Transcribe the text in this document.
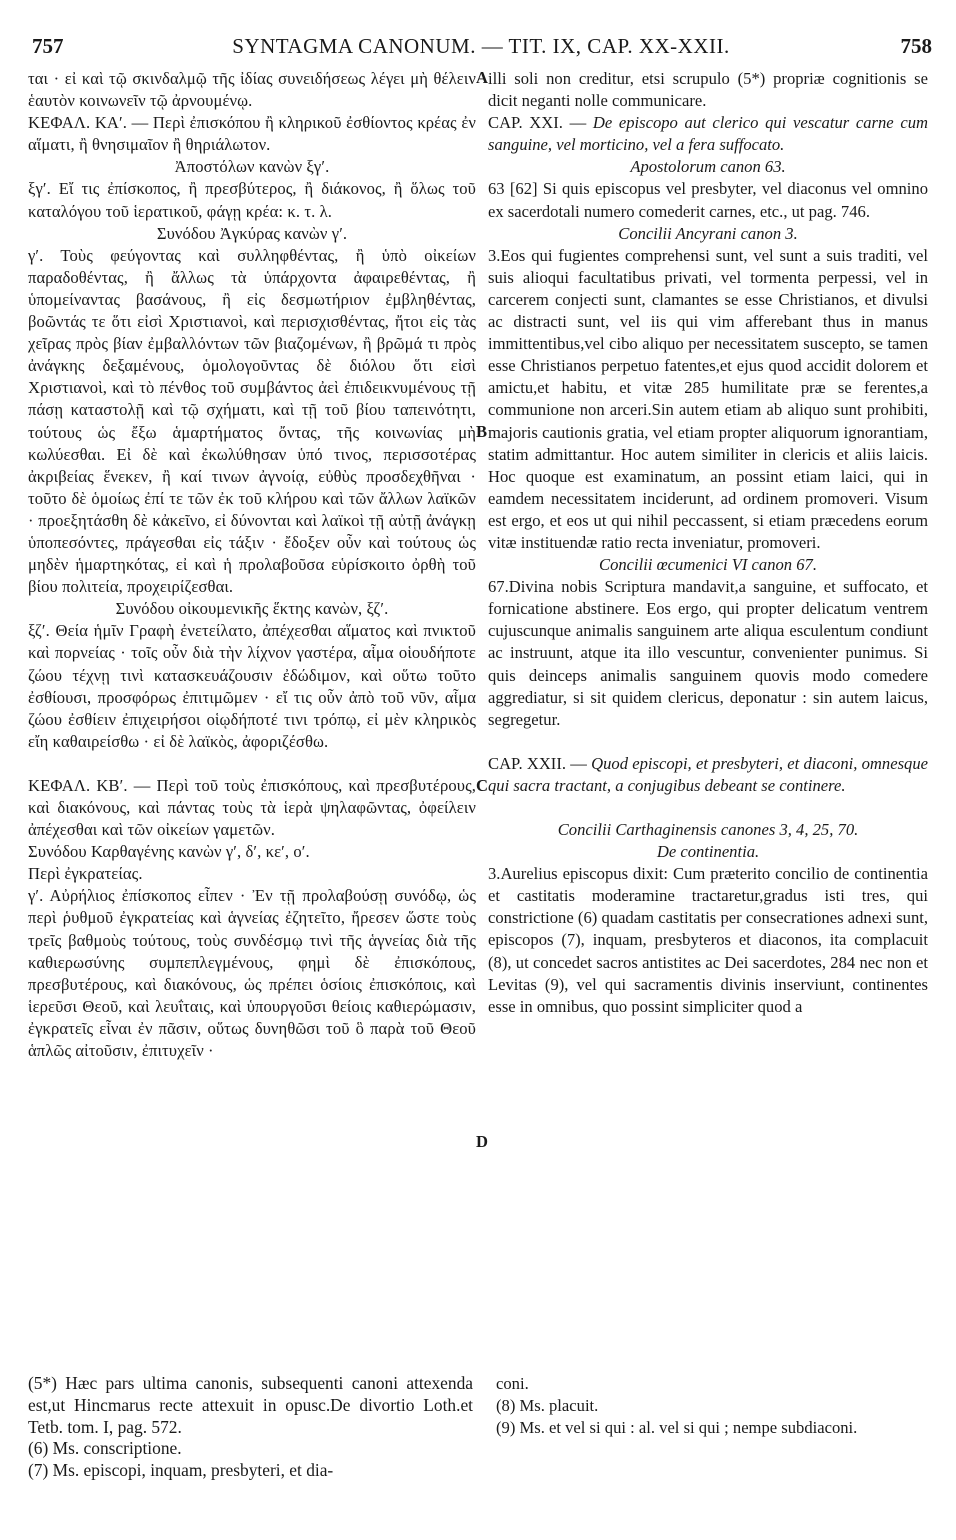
757	SYNTAGMA CANONUM. — TIT. IX, CAP. XX-XXII.	758
A
B
C
D
ται · εἰ καὶ τῷ σκινδαλμῷ τῆς ἰδίας συνειδήσεως λέγει μὴ θέλειν ἑαυτὸν κοινωνεῖν τῷ ἀρνουμένῳ.
ΚΕΦΑΛ. ΚΑʹ. — Περὶ ἐπισκόπου ἢ κληρικοῦ ἐσθίοντος κρέας ἐν αἵματι, ἢ θνησιμαῖον ἢ θηριάλωτον.
Ἀποστόλων κανὼν ξγʹ.
ξγʹ. Εἴ τις ἐπίσκοπος, ἢ πρεσβύτερος, ἢ διάκονος, ἢ ὅλως τοῦ καταλόγου τοῦ ἱερατικοῦ, φάγῃ κρέα: κ. τ. λ.
Συνόδου Ἀγκύρας κανὼν γʹ.
γʹ. Τοὺς φεύγοντας καὶ συλληφθέντας, ἢ ὑπὸ οἰκείων παραδοθέντας, ἢ ἄλλως τὰ ὑπάρχοντα ἀφαιρεθέντας, ἢ ὑπομείναντας βασάνους, ἢ εἰς δεσμωτήριον ἐμβληθέντας, βοῶντάς τε ὅτι εἰσὶ Χριστιανοὶ, καὶ περισχισθέντας, ἤτοι εἰς τὰς χεῖρας πρὸς βίαν ἐμβαλλόντων τῶν βιαζομένων, ἢ βρῶμά τι πρὸς ἀνάγκης δεξαμένους, ὁμολογοῦντας δὲ διόλου ὅτι εἰσὶ Χριστιανοὶ, καὶ τὸ πένθος τοῦ συμβάντος ἀεὶ ἐπιδεικνυμένους τῇ πάσῃ καταστολῇ καὶ τῷ σχήματι, καὶ τῇ τοῦ βίου ταπεινότητι, τούτους ὡς ἔξω ἁμαρτήματος ὄντας, τῆς κοινωνίας μὴ κωλύεσθαι. Εἰ δὲ καὶ ἐκωλύθησαν ὑπό τινος, περισσοτέρας ἀκριβείας ἕνεκεν, ἢ καί τινων ἀγνοίᾳ, εὐθὺς προσδεχθῆναι · τοῦτο δὲ ὁμοίως ἐπί τε τῶν ἐκ τοῦ κλήρου καὶ τῶν ἄλλων λαϊκῶν · προεξητάσθη δὲ κἀκεῖνο, εἰ δύνονται καὶ λαϊκοὶ τῇ αὐτῇ ἀνάγκῃ ὑποπεσόντες, πράγεσθαι εἰς τάξιν · ἔδοξεν οὖν καὶ τούτους ὡς μηδὲν ἡμαρτηκότας, εἰ καὶ ἡ προλαβοῦσα εὑρίσκοιτο ὀρθὴ τοῦ βίου πολιτεία, προχειρίζεσθαι.
Συνόδου οἰκουμενικῆς ἕκτης κανὼν, ξζʹ.
ξζʹ. Θεία ἡμῖν Γραφὴ ἐνετείλατο, ἀπέχεσθαι αἵματος καὶ πνικτοῦ καὶ πορνείας · τοῖς οὖν διὰ τὴν λίχνον γαστέρα, αἷμα οἱουδήποτε ζώου τέχνῃ τινὶ κατασκευάζουσιν ἐδώδιμον, καὶ οὕτω τοῦτο ἐσθίουσι, προσφόρως ἐπιτιμῶμεν · εἴ τις οὖν ἀπὸ τοῦ νῦν, αἷμα ζώου ἐσθίειν ἐπιχειρήσοι οἱῳδήποτέ τινι τρόπῳ, εἰ μὲν κληρικὸς εἴη καθαιρείσθω · εἰ δὲ λαϊκὸς, ἀφοριζέσθω.
ΚΕΦΑΛ. ΚΒʹ. — Περὶ τοῦ τοὺς ἐπισκόπους, καὶ πρεσβυτέρους, καὶ διακόνους, καὶ πάντας τοὺς τὰ ἱερὰ ψηλαφῶντας, ὀφείλειν ἀπέχεσθαι καὶ τῶν οἰκείων γαμετῶν.
Συνόδου Καρθαγένης κανὼν γʹ, δʹ, κεʹ, οʹ.
Περὶ ἐγκρατείας.
γʹ. Αὐρήλιος ἐπίσκοπος εἶπεν · Ἐν τῇ προλαβούσῃ συνόδῳ, ὡς περὶ ῥυθμοῦ ἐγκρατείας καὶ ἁγνείας ἐζητεῖτο, ἤρεσεν ὥστε τοὺς τρεῖς βαθμοὺς τούτους, τοὺς συνδέσμῳ τινὶ τῆς ἁγνείας διὰ τῆς καθιερωσύνης συμπεπλεγμένους, φημὶ δὲ ἐπισκόπους, πρεσβυτέρους, καὶ διακόνους, ὡς πρέπει ὁσίοις ἐπισκόποις, καὶ ἱερεῦσι Θεοῦ, καὶ λευΐταις, καὶ ὑπουργοῦσι θείοις καθιερώμασιν, ἐγκρατεῖς εἶναι ἐν πᾶσιν, οὕτως δυνηθῶσι τοῦ ὃ παρὰ τοῦ Θεοῦ ἁπλῶς αἰτοῦσιν, ἐπιτυχεῖν ·
illi soli non creditur, etsi scrupulo (5*) propriæ cognitionis se dicit neganti nolle communicare.
CAP. XXI. — De episcopo aut clerico qui vescatur carne cum sanguine, vel morticino, vel a fera suffocato.
Apostolorum canon 63.
63 [62] Si quis episcopus vel presbyter, vel diaconus vel omnino ex sacerdotali numero comederit carnes, etc., ut pag. 746.
Concilii Ancyrani canon 3.
3.Eos qui fugientes comprehensi sunt, vel sunt a suis traditi, vel suis alioqui facultatibus privati, vel tormenta perpessi, vel in carcerem conjecti sunt, clamantes se esse Christianos, et divulsi ac distracti sunt, vel iis qui vim afferebant thus in manus immittentibus,vel cibo aliquo per necessitatem suscepto, se tamen esse Christianos perpetuo fatentes,et ejus quod accidit dolorem et amictu,et habitu, et vitæ 285 humilitate præ se ferentes,a communione non arceri.Sin autem etiam ab aliquo sunt prohibiti, majoris cautionis gratia, vel etiam propter aliquorum ignorantiam, statim admittantur. Hoc autem similiter in clericis et aliis laicis. Hoc quoque est examinatum, an possint etiam laici, qui in eamdem necessitatem inciderunt, ad ordinem promoveri. Visum est ergo, et eos ut qui nihil peccassent, si etiam præcedens eorum vitæ instituendæ ratio recta inveniatur, promoveri.
Concilii œcumenici VI canon 67.
67.Divina nobis Scriptura mandavit,a sanguine, et suffocato, et fornicatione abstinere. Eos ergo, qui propter delicatum ventrem cujuscunque animalis sanguinem arte aliqua esculentum condiunt ac instruunt, atque ita illo vescuntur, convenienter punimus. Si quis deinceps animalis sanguinem quovis modo comedere aggrediatur, si sit quidem clericus, deponatur : sin autem laicus, segregetur.
CAP. XXII. — Quod episcopi, et presbyteri, et diaconi, omnesque qui sacra tractant, a conjugibus debeant se continere.
Concilii Carthaginensis canones 3, 4, 25, 70.
De continentia.
3.Aurelius episcopus dixit: Cum præterito concilio de continentia et castitatis moderamine tractaretur,gradus isti tres, qui constrictione (6) quadam castitatis per consecrationes adnexi sunt, episcopos (7), inquam, presbyteros et diaconos, ita complacuit (8), ut concedet sacros antistites ac Dei sacerdotes, 284 nec non et Levitas (9), vel qui sacramentis divinis inserviunt, continentes esse in omnibus, quo possint simpliciter quod a
(5*) Hæc pars ultima canonis, subsequenti canoni attexenda est,ut Hincmarus recte attexuit in opusc.De divortio Loth.et Tetb. tom. I, pag. 572.
(6) Ms. conscriptione.
(7) Ms. episcopi, inquam, presbyteri, et dia-
coni.
(8) Ms. placuit.
(9) Ms. et vel si qui : al. vel si qui ; nempe subdiaconi.
